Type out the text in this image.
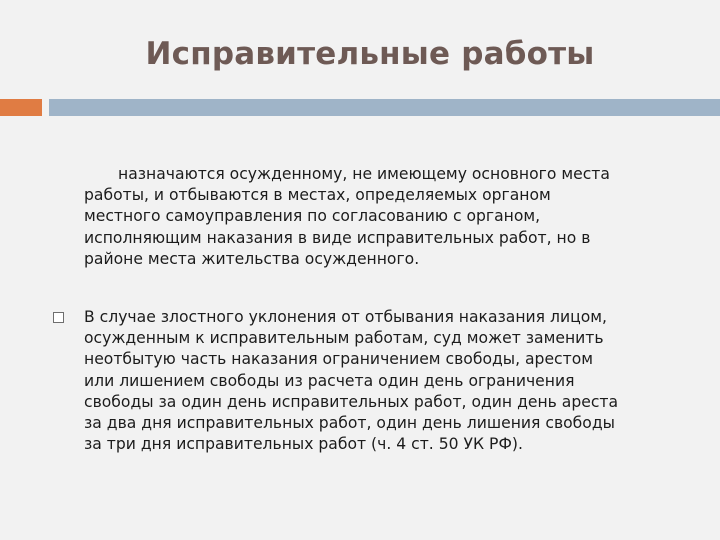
Исправительные работы
назначаются осужденному, не имеющему основного места
работы, и отбываются в местах, определяемых органом
местного самоуправления по согласованию с органом,
исполняющим наказания в виде исправительных работ, но в
районе места жительства осужденного.
В случае злостного уклонения от отбывания наказания лицом,
осужденным к исправительным работам, суд может заменить
неотбытую часть наказания ограничением свободы, арестом
или лишением свободы из расчета один день ограничения
свободы за один день исправительных работ, один день ареста
за два дня исправительных работ, один день лишения свободы
за три дня исправительных работ (ч. 4 ст. 50 УК РФ).
